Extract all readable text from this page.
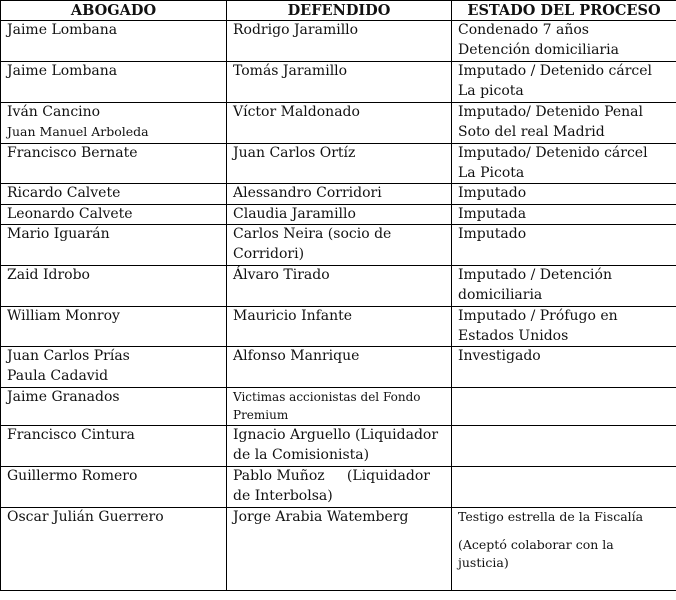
ABOGADO	DEFENDIDO	ESTADO DEL PROCESO

Jaime Lombana	Rodrigo Jaramillo	Condenado 7 años
Detención domiciliaria

Jaime Lombana	Tomás Jaramillo	Imputado / Detenido cárcel
La picota

Iván Cancino
Juan Manuel Arboleda	Víctor Maldonado	Imputado/ Detenido Penal
Soto del real Madrid

Francisco Bernate	Juan Carlos Ortíz	Imputado/ Detenido cárcel
La Picota

Ricardo Calvete	Alessandro Corridori	Imputado

Leonardo Calvete	Claudia Jaramillo	Imputada

Mario Iguarán	Carlos Neira (socio de
Corridori)	Imputado

Zaid Idrobo	Álvaro Tirado	Imputado / Detención
domiciliaria

William Monroy	Mauricio Infante	Imputado / Prófugo en
Estados Unidos

Juan Carlos Prías
Paula Cadavid	Alfonso Manrique	Investigado

Jaime Granados	Victimas accionistas del Fondo
Premium	

Francisco Cintura	Ignacio Arguello (Liquidador
de la Comisionista)	

Guillermo Romero	Pablo Muñoz     (Liquidador
de Interbolsa)	

Oscar Julián Guerrero	Jorge Arabia Watemberg	Testigo estrella de la Fiscalía
(Aceptó colaborar con la
justicia)
